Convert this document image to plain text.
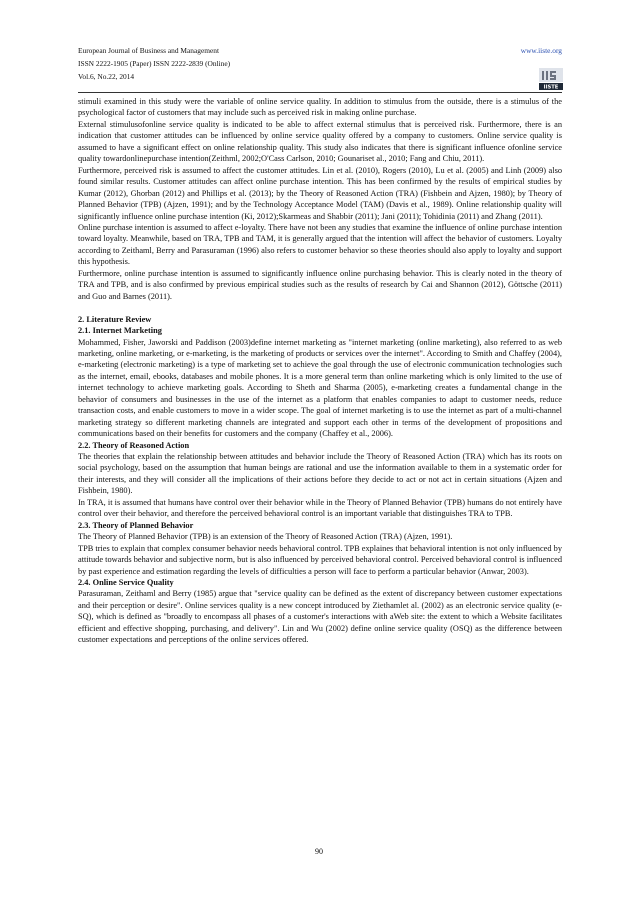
European Journal of Business and Management
ISSN 2222-1905 (Paper) ISSN 2222-2839 (Online)
Vol.6, No.22, 2014
www.iiste.org
IISTE

stimuli examined in this study were the variable of online service quality. In addition to stimulus from the outside, there is a stimulus of the psychological factor of customers that may include such as perceived risk in making online purchase.

External stimulusofonline service quality is indicated to be able to affect external stimulus that is perceived risk. Furthermore, there is an indication that customer attitudes can be influenced by online service quality offered by a company to customers. Online service quality is assumed to have a significant effect on online relationship quality. This study also indicates that there is significant influence ofonline service quality towardonlinepurchase intention(Zeithml, 2002;O'Cass Carlson, 2010; Gounariset al., 2010; Fang and Chiu, 2011).

Furthermore, perceived risk is assumed to affect the customer attitudes. Lin et al. (2010), Rogers (2010), Lu et al. (2005) and Linh (2009) also found similar results. Customer attitudes can affect online purchase intention. This has been confirmed by the results of empirical studies by Kumar (2012), Ghorban (2012) and Phillips et al. (2013); by the Theory of Reasoned Action (TRA) (Fishbein and Ajzen, 1980); by Theory of Planned Behavior (TPB) (Ajzen, 1991); and by the Technology Acceptance Model (TAM) (Davis et al., 1989). Online relationship quality will significantly influence online purchase intention (Ki, 2012);Skarmeas and Shabbir (2011); Jani (2011); Tohidinia (2011) and Zhang (2011).

Online purchase intention is assumed to affect e-loyalty. There have not been any studies that examine the influence of online purchase intention toward loyalty. Meanwhile, based on TRA, TPB and TAM, it is generally argued that the intention will affect the behavior of customers. Loyalty according to Zeithaml, Berry and Parasuraman (1996) also refers to customer behavior so these theories should also apply to loyalty and support this hypothesis.

Furthermore, online purchase intention is assumed to significantly influence online purchasing behavior. This is clearly noted in the theory of TRA and TPB, and is also confirmed by previous empirical studies such as the results of research by Cai and Shannon (2012), Göttsche (2011) and Guo and Barnes (2011).

2. Literature Review
2.1. Internet Marketing

Mohammed, Fisher, Jaworski and Paddison (2003)define internet marketing as "internet marketing (online marketing), also referred to as web marketing, online marketing, or e-marketing, is the marketing of products or services over the internet". According to Smith and Chaffey (2004), e-marketing (electronic marketing) is a type of marketing set to achieve the goal through the use of electronic communication technologies such as the internet, email, ebooks, databases and mobile phones. It is a more general term than online marketing which is only limited to the use of internet technology to achieve marketing goals. According to Sheth and Sharma (2005), e-marketing creates a fundamental change in the behavior of consumers and businesses in the use of the internet as a platform that enables companies to adapt to customer needs, reduce transaction costs, and enable customers to move in a wider scope. The goal of internet marketing is to use the internet as part of a multi-channel marketing strategy so different marketing channels are integrated and support each other in terms of the development of propositions and communications based on their benefits for customers and the company (Chaffey et al., 2006).

2.2. Theory of Reasoned Action

The theories that explain the relationship between attitudes and behavior include the Theory of Reasoned Action (TRA) which has its roots on social psychology, based on the assumption that human beings are rational and use the information available to them in a systematic order for their interests, and they will consider all the implications of their actions before they decide to act or not act in certain situations (Ajzen and Fishbein, 1980).

In TRA, it is assumed that humans have control over their behavior while in the Theory of Planned Behavior (TPB) humans do not entirely have control over their behavior, and therefore the perceived behavioral control is an important variable that distinguishes TRA to TPB.

2.3. Theory of Planned Behavior

The Theory of Planned Behavior (TPB) is an extension of the Theory of Reasoned Action (TRA) (Ajzen, 1991).

TPB tries to explain that complex consumer behavior needs behavioral control. TPB explaines that behavioral intention is not only influenced by attitude towards behavior and subjective norm, but is also influenced by perceived behavioral control. Perceived behavioral control is influenced by past experience and estimation regarding the levels of difficulties a person will face to perform a particular behavior (Anwar, 2003).

2.4. Online Service Quality

Parasuraman, Zeithaml and Berry (1985) argue that "service quality can be defined as the extent of discrepancy between customer expectations and their perception or desire". Online services quality is a new concept introduced by Ziethamlet al. (2002) as an electronic service quality (e-SQ), which is defined as "broadly to encompass all phases of a customer's interactions with aWeb site: the extent to which a Website facilitates efficient and effective shopping, purchasing, and delivery". Lin and Wu (2002) define online service quality (OSQ) as the difference between customer expectations and perceptions of the online services offered.

90
